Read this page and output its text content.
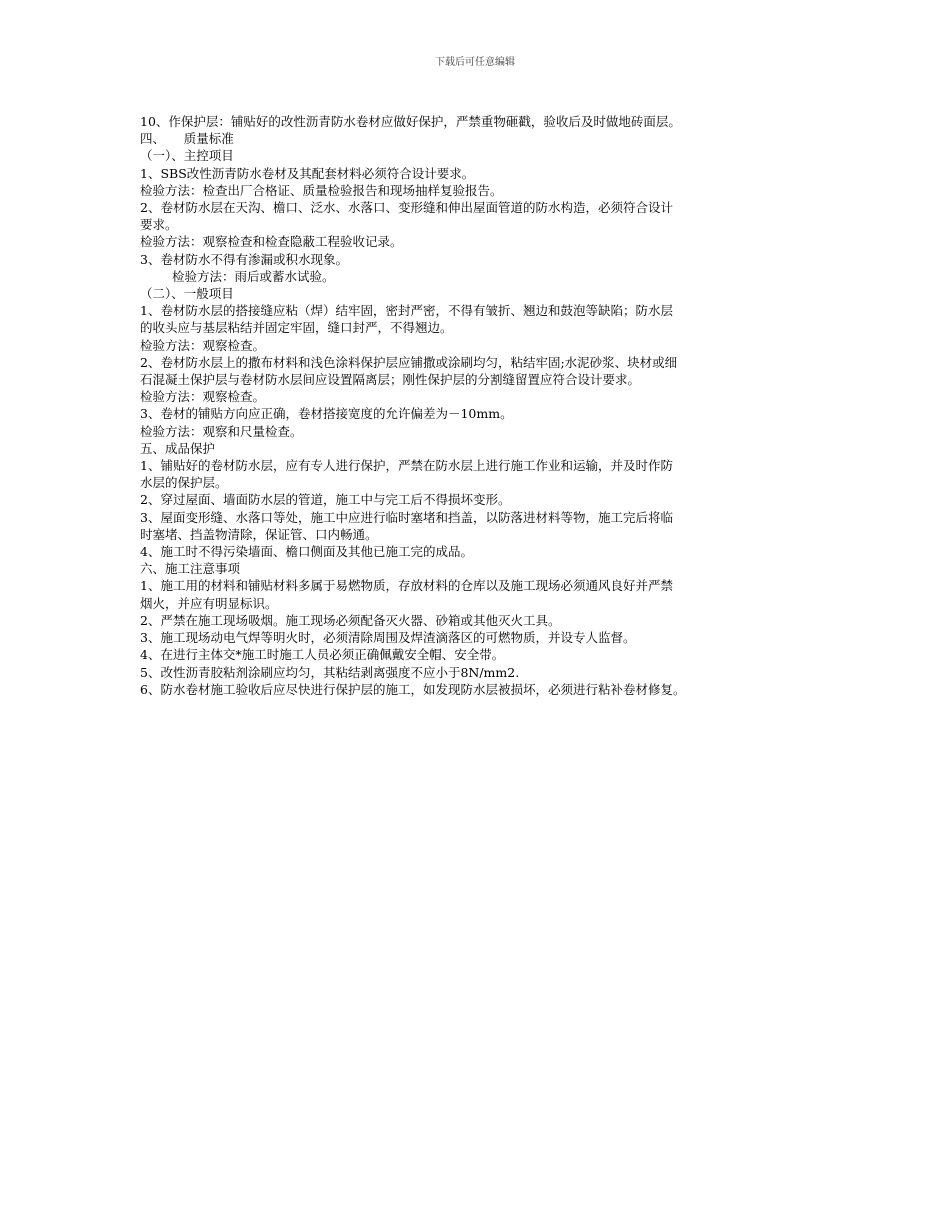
下载后可任意编辑
10、作保护层：铺贴好的改性沥青防水卷材应做好保护，严禁重物砸戳，验收后及时做地砖面层。
四、　　质量标准
（一）、主控项目
1、SBS改性沥青防水卷材及其配套材料必须符合设计要求。
检验方法：检查出厂合格证、质量检验报告和现场抽样复验报告。
2、卷材防水层在天沟、檐口、泛水、水落口、变形缝和伸出屋面管道的防水构造，必须符合设计
要求。
检验方法：观察检查和检查隐蔽工程验收记录。
3、卷材防水不得有渗漏或积水现象。
检验方法：雨后或蓄水试验。
（二）、一般项目
1、卷材防水层的搭接缝应粘（焊）结牢固，密封严密，不得有皱折、翘边和鼓泡等缺陷；防水层
的收头应与基层粘结并固定牢固，缝口封严，不得翘边。
检验方法：观察检查。
2、卷材防水层上的撒布材料和浅色涂料保护层应铺撒或涂刷均匀，粘结牢固;水泥砂浆、块材或细
石混凝土保护层与卷材防水层间应设置隔离层；刚性保护层的分割缝留置应符合设计要求。
检验方法：观察检查。
3、卷材的铺贴方向应正确，卷材搭接宽度的允许偏差为－10mm。
检验方法：观察和尺量检查。
五、成品保护
1、铺贴好的卷材防水层，应有专人进行保护，严禁在防水层上进行施工作业和运输，并及时作防
水层的保护层。
2、穿过屋面、墙面防水层的管道，施工中与完工后不得损坏变形。
3、屋面变形缝、水落口等处，施工中应进行临时塞堵和挡盖，以防落进材料等物，施工完后将临
时塞堵、挡盖物清除，保证管、口内畅通。
4、施工时不得污染墙面、檐口侧面及其他已施工完的成品。
六、施工注意事项
1、施工用的材料和铺贴材料多属于易燃物质，存放材料的仓库以及施工现场必须通风良好并严禁
烟火，并应有明显标识。
2、严禁在施工现场吸烟。施工现场必须配备灭火器、砂箱或其他灭火工具。
3、施工现场动电气焊等明火时，必须清除周围及焊渣滴落区的可燃物质，并设专人监督。
4、在进行主体交*施工时施工人员必须正确佩戴安全帽、安全带。
5、改性沥青胶粘剂涂刷应均匀，其粘结剥离强度不应小于8N/mm2.
6、防水卷材施工验收后应尽快进行保护层的施工，如发现防水层被损坏，必须进行粘补卷材修复。
